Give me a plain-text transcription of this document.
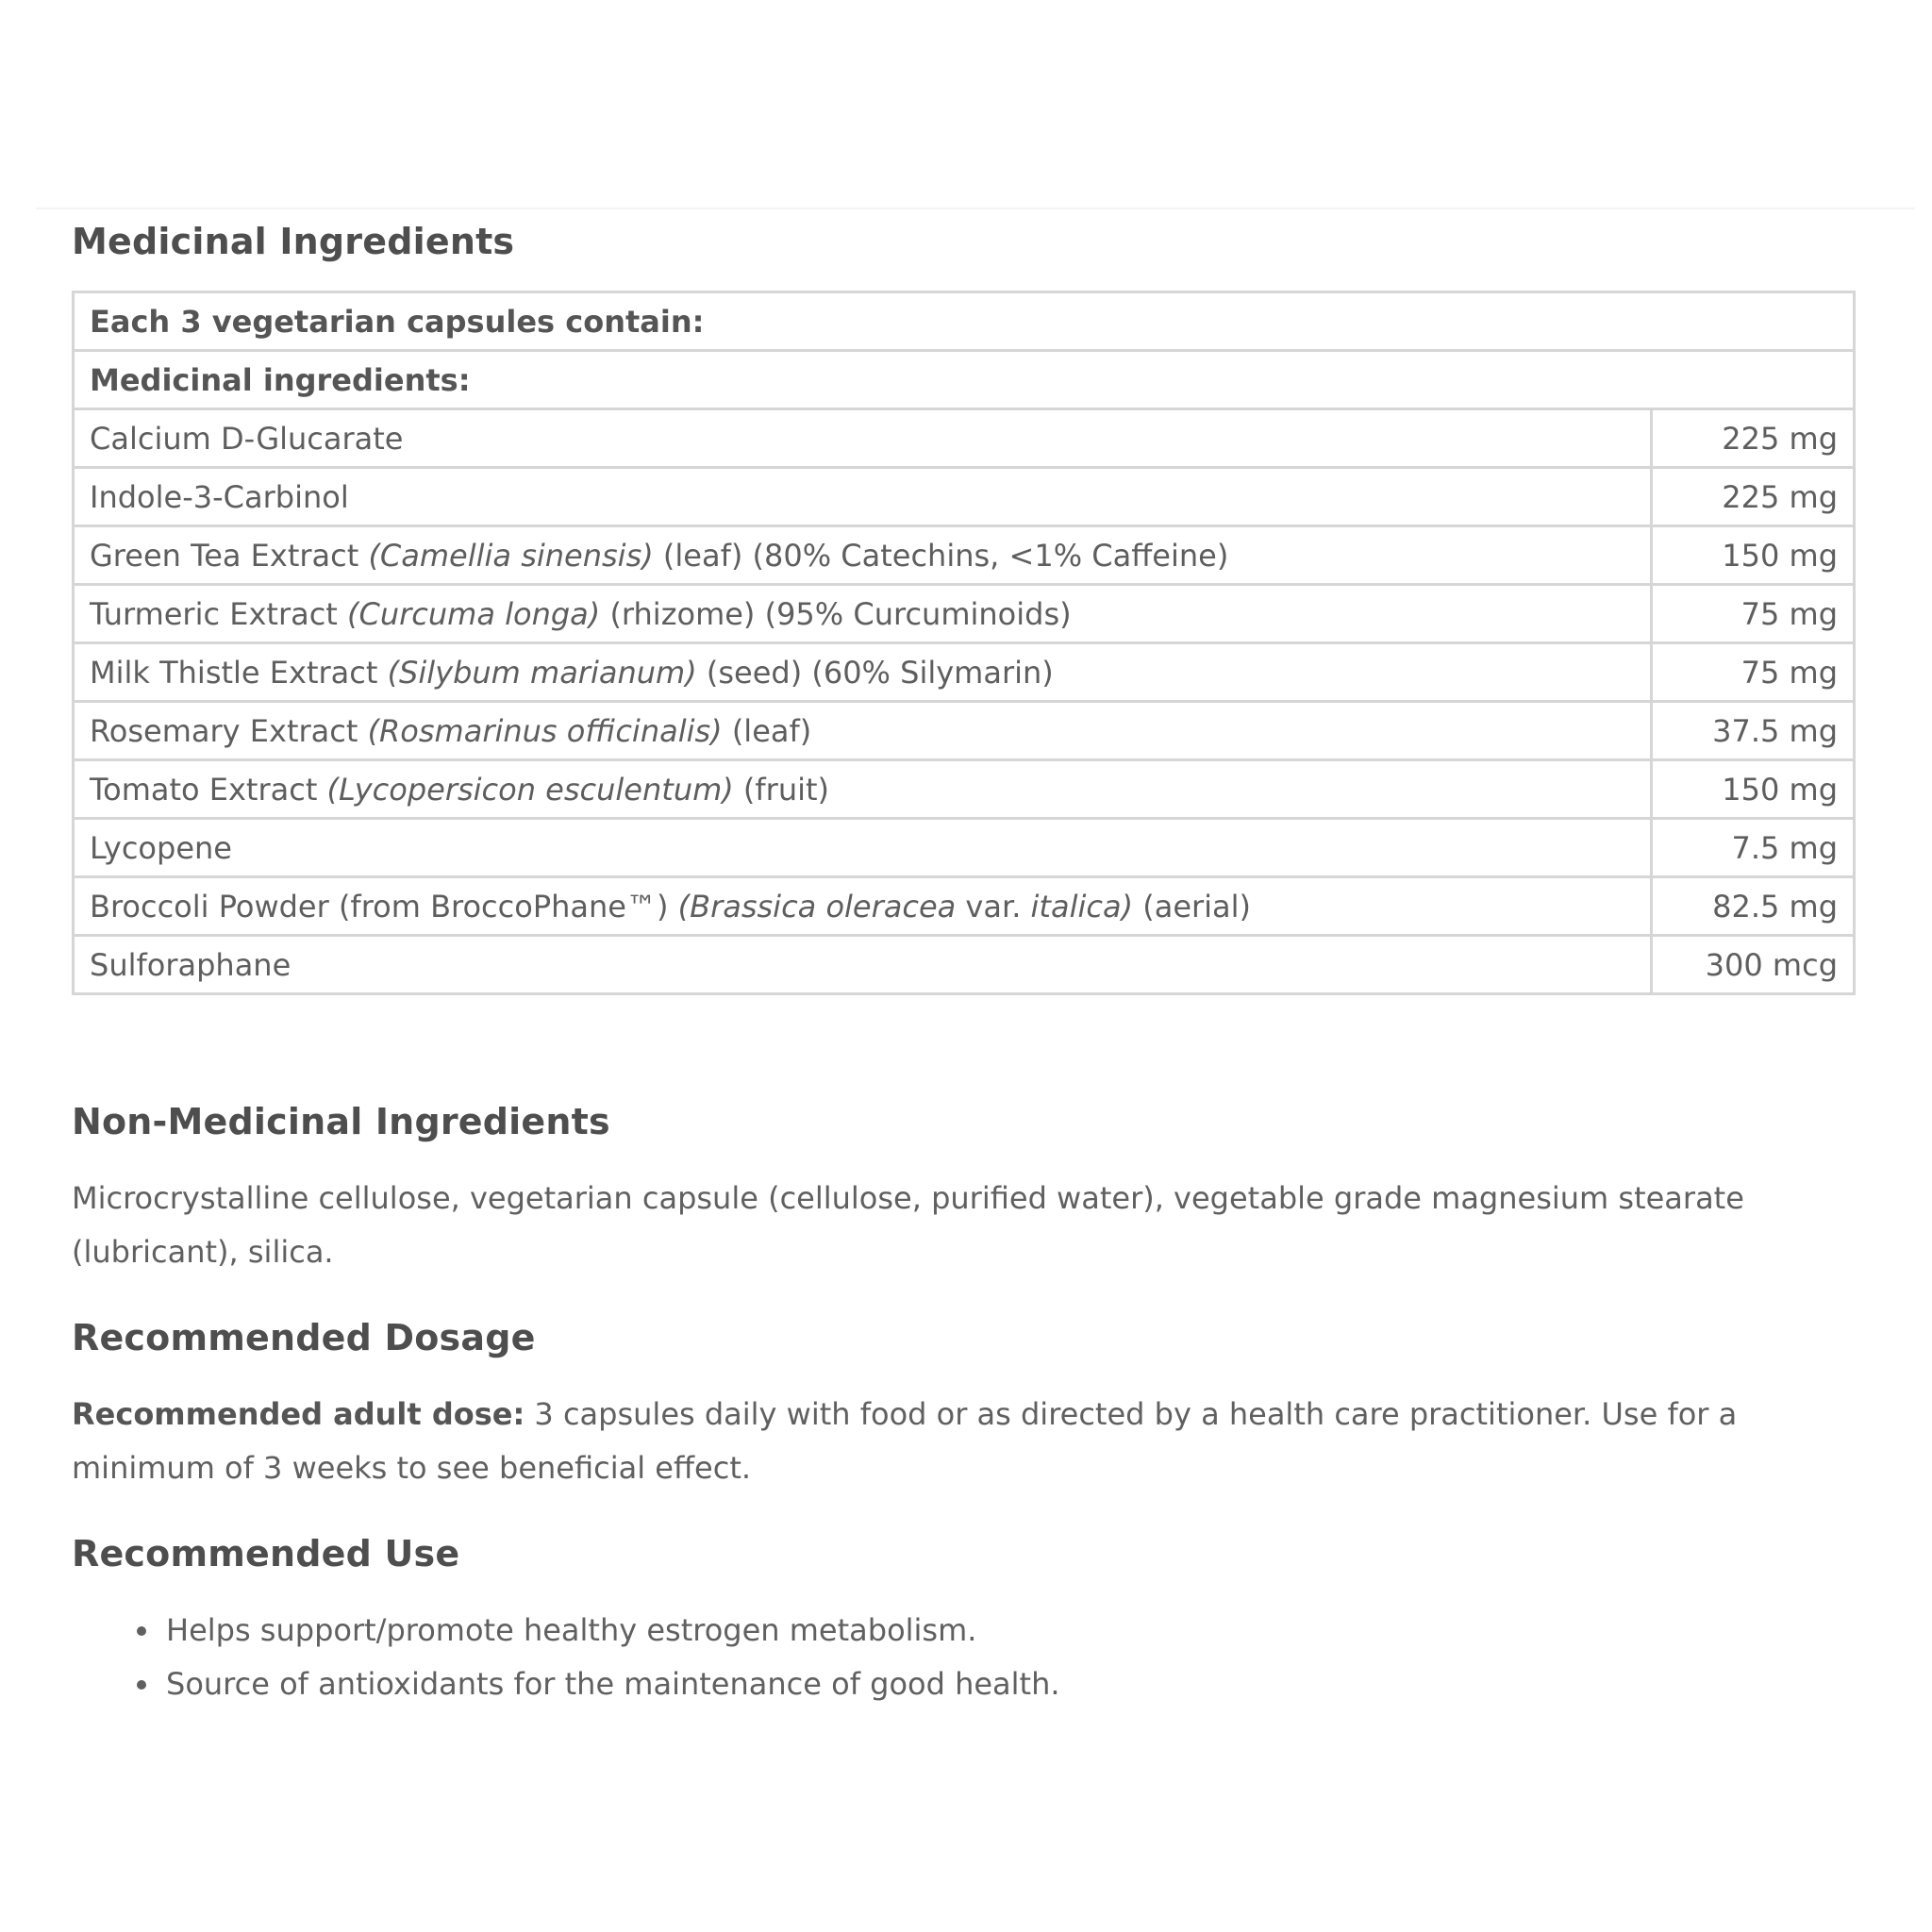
Medicinal Ingredients
Each 3 vegetarian capsules contain:	
Medicinal ingredients:	
Calcium D-Glucarate	225 mg
Indole-3-Carbinol	225 mg
Green Tea Extract (Camellia sinensis) (leaf) (80% Catechins, <1% Caffeine)	150 mg
Turmeric Extract (Curcuma longa) (rhizome) (95% Curcuminoids)	75 mg
Milk Thistle Extract (Silybum marianum) (seed) (60% Silymarin)	75 mg
Rosemary Extract (Rosmarinus officinalis) (leaf)	37.5 mg
Tomato Extract (Lycopersicon esculentum) (fruit)	150 mg
Lycopene	7.5 mg
Broccoli Powder (from BroccoPhane™) (Brassica oleracea var. italica) (aerial)	82.5 mg
Sulforaphane	300 mcg
Non-Medicinal Ingredients

Microcrystalline cellulose, vegetarian capsule (cellulose, purified water), vegetable grade magnesium stearate (lubricant), silica.

Recommended Dosage

Recommended adult dose: 3 capsules daily with food or as directed by a health care practitioner. Use for a minimum of 3 weeks to see beneficial effect.

Recommended Use
• Helps support/promote healthy estrogen metabolism.
• Source of antioxidants for the maintenance of good health.
